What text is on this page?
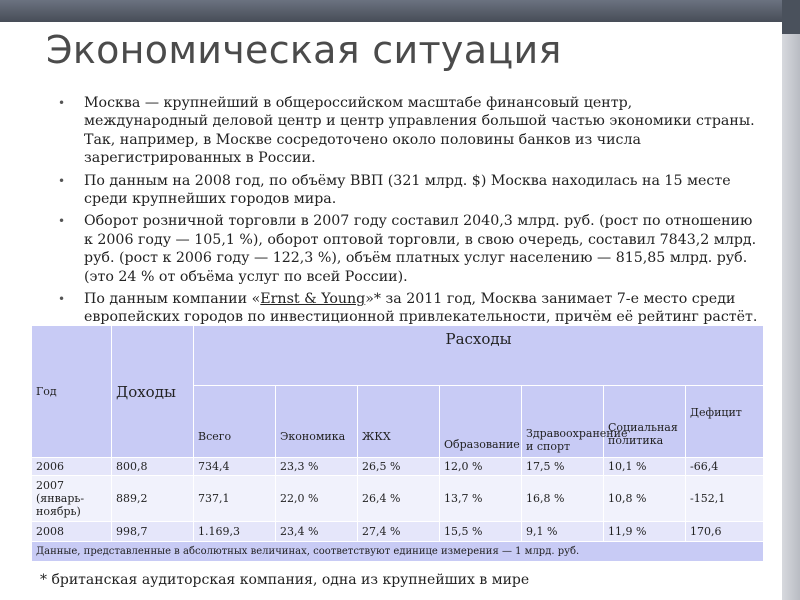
Экономическая ситуация
• Москва — крупнейший в общероссийском масштабе финансовый центр, международный деловой центр и центр управления большой частью экономики страны. Так, например, в Москве сосредоточено около половины банков из числа зарегистрированных в России.
• По данным на 2008 год, по объёму ВВП (321 млрд. $) Москва находилась на 15 месте среди крупнейших городов мира.
• Оборот розничной торговли в 2007 году составил 2040,3 млрд. руб. (рост по отношению к 2006 году — 105,1 %), оборот оптовой торговли, в свою очередь, составил 7843,2 млрд. руб. (рост к 2006 году — 122,3 %), объём платных услуг населению — 815,85 млрд. руб. (это 24 % от объёма услуг по всей России).
• По данным компании «Ernst & Young»* за 2011 год, Москва занимает 7-е место среди европейских городов по инвестиционной привлекательности, причём её рейтинг растёт.
Год	Доходы	Расходы						
		Всего	Экономика	ЖКХ	Образование	Здравоохранение и спорт	Социальная политика	Дефицит
2006	800,8	734,4	23,3 %	26,5 %	12,0 %	17,5 %	10,1 %	-66,4
2007 (январь-ноябрь)	889,2	737,1	22,0 %	26,4 %	13,7 %	16,8 %	10,8 %	-152,1
2008	998,7	1.169,3	23,4 %	27,4 %	15,5 %	9,1 %	11,9 %	170,6
Данные, представленные в абсолютных величинах, соответствуют единице измерения — 1 млрд. руб.								
* британская аудиторская компания, одна из крупнейших в мире
